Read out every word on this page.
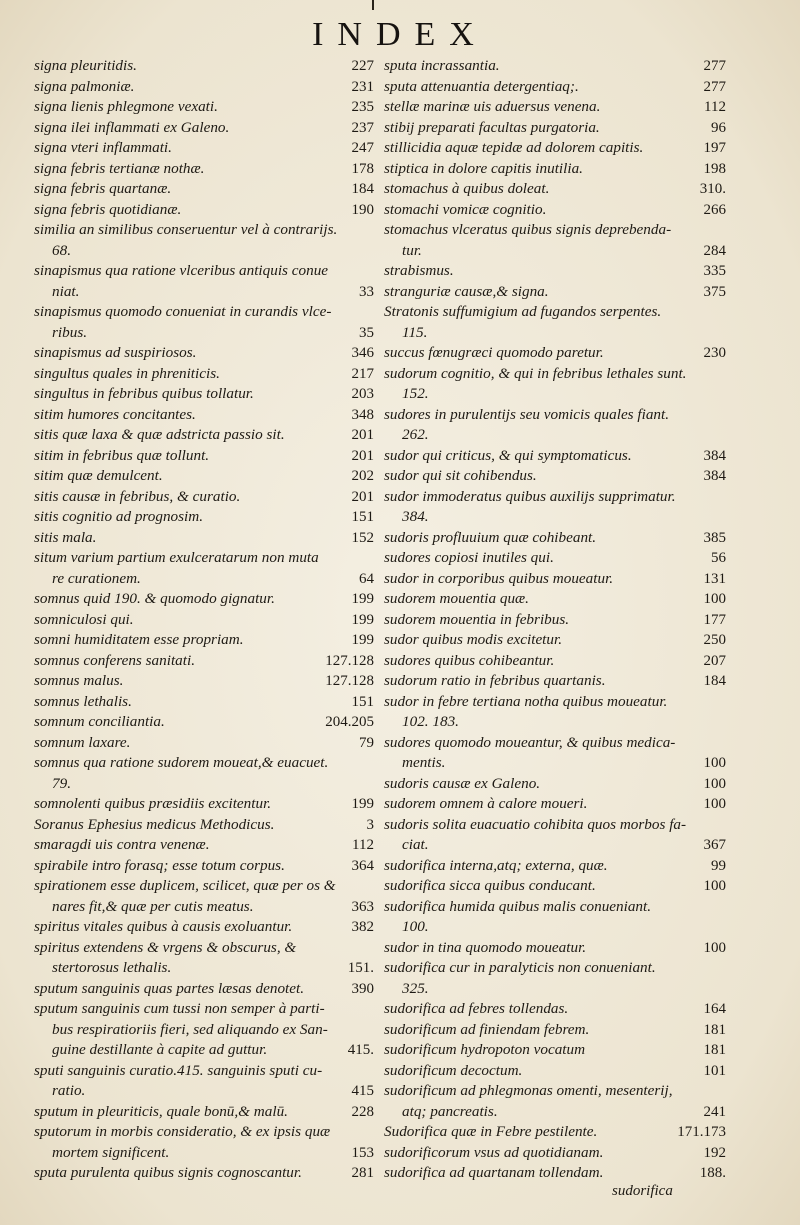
INDEX
signa pleuritidis.	227
signa palmoniæ.	231
signa lienis phlegmone vexati.	235
signa ilei inflammati ex Galeno.	237
signa vteri inflammati.	247
signa febris tertianæ nothæ.	178
signa febris quartanæ.	184
signa febris quotidianæ.	190
similia an similibus conseruentur vel à contrarijs.
68.
sinapismus qua ratione vlceribus antiquis conue
niat.	33
sinapismus quomodo conueniat in curandis vlce-
ribus.	35
sinapismus ad suspiriosos.	346
singultus quales in phreniticis.	217
singultus in febribus quibus tollatur.	203
sitim humores concitantes.	348
sitis quæ laxa & quæ adstricta passio sit.	201
sitim in febribus quæ tollunt.	201
sitim quæ demulcent.	202
sitis causæ in febribus, & curatio.	201
sitis cognitio ad prognosim.	151
sitis mala.	152
situm varium partium exulceratarum non muta
re curationem.	64
somnus quid 190. & quomodo gignatur.	199
somniculosi qui.	199
somni humiditatem esse propriam.	199
somnus conferens sanitati.	127.128
somnus malus.	127.128
somnus lethalis.	151
somnum conciliantia.	204.205
somnum laxare.	79
somnus qua ratione sudorem moueat,& euacuet.
79.
somnolenti quibus præsidiis excitentur.	199
Soranus Ephesius medicus Methodicus.	3
smaragdi uis contra venenæ.	112
spirabile intro forasq; esse totum corpus.	364
spirationem esse duplicem, scilicet, quæ per os &
nares fit,& quæ per cutis meatus.	363
spiritus vitales quibus à causis exoluantur.	382
spiritus extendens & vrgens & obscurus, &
stertorosus lethalis.	151.
sputum sanguinis quas partes læsas denotet.	390
sputum sanguinis cum tussi non semper à parti-
bus respiratioriis fieri, sed aliquando ex San-
guine destillante à capite ad guttur.	415.
sputi sanguinis curatio.415. sanguinis sputi cu-
ratio.	415
sputum in pleuriticis, quale bonū,& malū.	228
sputorum in morbis consideratio, & ex ipsis quæ
mortem significent.	153
sputa purulenta quibus signis cognoscantur.	281
sputa incrassantia.	277
sputa attenuantia detergentiaq;.	277
stellæ marinæ uis aduersus venena.	112
stibij preparati facultas purgatoria.	96
stillicidia aquæ tepidæ ad dolorem capitis.	197
stiptica in dolore capitis inutilia.	198
stomachus à quibus doleat.	310.
stomachi vomicæ cognitio.	266
stomachus vlceratus quibus signis deprebenda-
tur.	284
strabismus.	335
stranguriæ causæ,& signa.	375
Stratonis suffumigium ad fugandos serpentes.
115.
succus fœnugræci quomodo paretur.	230
sudorum cognitio, & qui in febribus lethales sunt.
152.
sudores in purulentijs seu vomicis quales fiant.
262.
sudor qui criticus, & qui symptomaticus.	384
sudor qui sit cohibendus.	384
sudor immoderatus quibus auxilijs supprimatur.
384.
sudoris profluuium quæ cohibeant.	385
sudores copiosi inutiles qui.	56
sudor in corporibus quibus moueatur.	131
sudorem mouentia quæ.	100
sudorem mouentia in febribus.	177
sudor quibus modis excitetur.	250
sudores quibus cohibeantur.	207
sudorum ratio in febribus quartanis.	184
sudor in febre tertiana notha quibus moueatur.
102. 183.
sudores quomodo moueantur, & quibus medica-
mentis.	100
sudoris causæ ex Galeno.	100
sudorem omnem à calore moueri.	100
sudoris solita euacuatio cohibita quos morbos fa-
ciat.	367
sudorifica interna,atq; externa, quæ.	99
sudorifica sicca quibus conducant.	100
sudorifica humida quibus malis conueniant.
100.
sudor in tina quomodo moueatur.	100
sudorifica cur in paralyticis non conueniant.
325.
sudorifica ad febres tollendas.	164
sudorificum ad finiendam febrem.	181
sudorificum hydropoton vocatum	181
sudorificum decoctum.	101
sudorificum ad phlegmonas omenti, mesenterij,
atq; pancreatis.	241
Sudorifica quæ in Febre pestilente.	171.173
sudorificorum vsus ad quotidianam.	192
sudorifica ad quartanam tollendam.	188.
sudorifica
